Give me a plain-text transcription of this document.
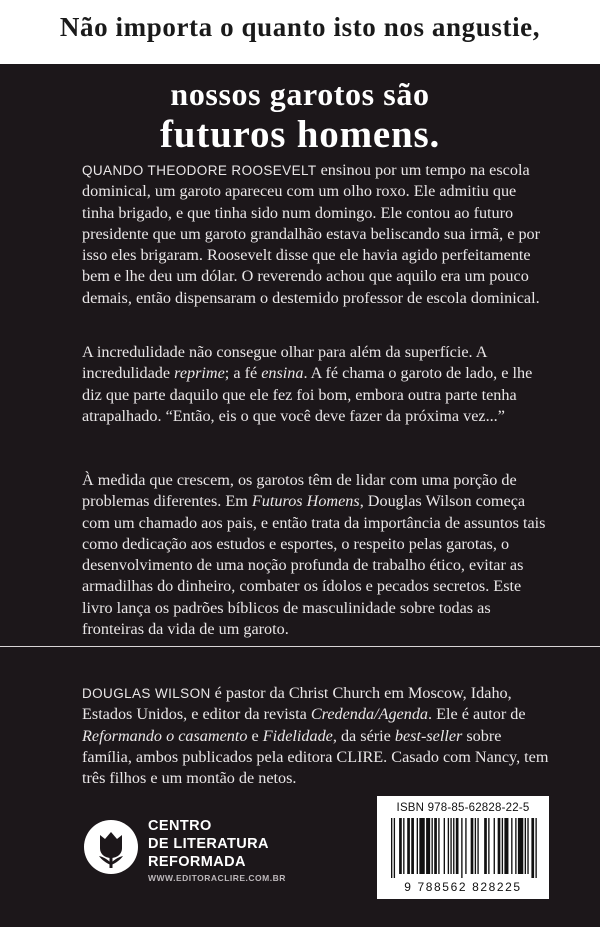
Não importa o quanto isto nos angustie,
nossos garotos são
futuros homens.

QUANDO THEODORE ROOSEVELT ensinou por um tempo na escola dominical, um garoto apareceu com um olho roxo. Ele admitiu que tinha brigado, e que tinha sido num domingo. Ele contou ao futuro presidente que um garoto grandalhão estava beliscando sua irmã, e por isso eles brigaram. Roosevelt disse que ele havia agido perfeitamente bem e lhe deu um dólar. O reverendo achou que aquilo era um pouco demais, então dispensaram o destemido professor de escola dominical.

A incredulidade não consegue olhar para além da superfície. A incredulidade reprime; a fé ensina. A fé chama o garoto de lado, e lhe diz que parte daquilo que ele fez foi bom, embora outra parte tenha atrapalhado. “Então, eis o que você deve fazer da próxima vez...”

À medida que crescem, os garotos têm de lidar com uma porção de problemas diferentes. Em Futuros Homens, Douglas Wilson começa com um chamado aos pais, e então trata da importância de assuntos tais como dedicação aos estudos e esportes, o respeito pelas garotas, o desenvolvimento de uma noção profunda de trabalho ético, evitar as armadilhas do dinheiro, combater os ídolos e pecados secretos. Este livro lança os padrões bíblicos de masculinidade sobre todas as fronteiras da vida de um garoto.

DOUGLAS WILSON é pastor da Christ Church em Moscow, Idaho, Estados Unidos, e editor da revista Credenda/Agenda. Ele é autor de Reformando o casamento e Fidelidade, da série best-seller sobre família, ambos publicados pela editora CLIRE. Casado com Nancy, tem três filhos e um montão de netos.

CENTRO
DE LITERATURA
REFORMADA
WWW.EDITORACLIRE.COM.BR
ISBN 978-85-62828-22-5
9 788562 828225
